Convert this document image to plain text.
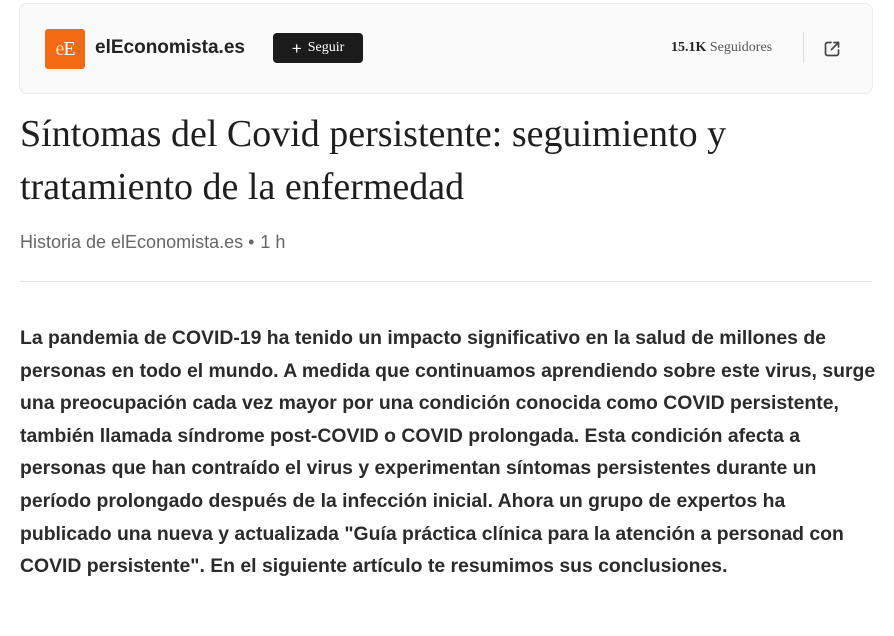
e E elEconomista.es	+ Seguir	15.1K Seguidores
Síntomas del Covid persistente: seguimiento y tratamiento de la enfermedad
Historia de elEconomista.es • 1 h

La pandemia de COVID-19 ha tenido un impacto significativo en la salud de millones de personas en todo el mundo. A medida que continuamos aprendiendo sobre este virus, surge una preocupación cada vez mayor por una condición conocida como COVID persistente, también llamada síndrome post-COVID o COVID prolongada. Esta condición afecta a personas que han contraído el virus y experimentan síntomas persistentes durante un período prolongado después de la infección inicial. Ahora un grupo de expertos ha publicado una nueva y actualizada "Guía práctica clínica para la atención a personad con COVID persistente". En el siguiente artículo te resumimos sus conclusiones.
